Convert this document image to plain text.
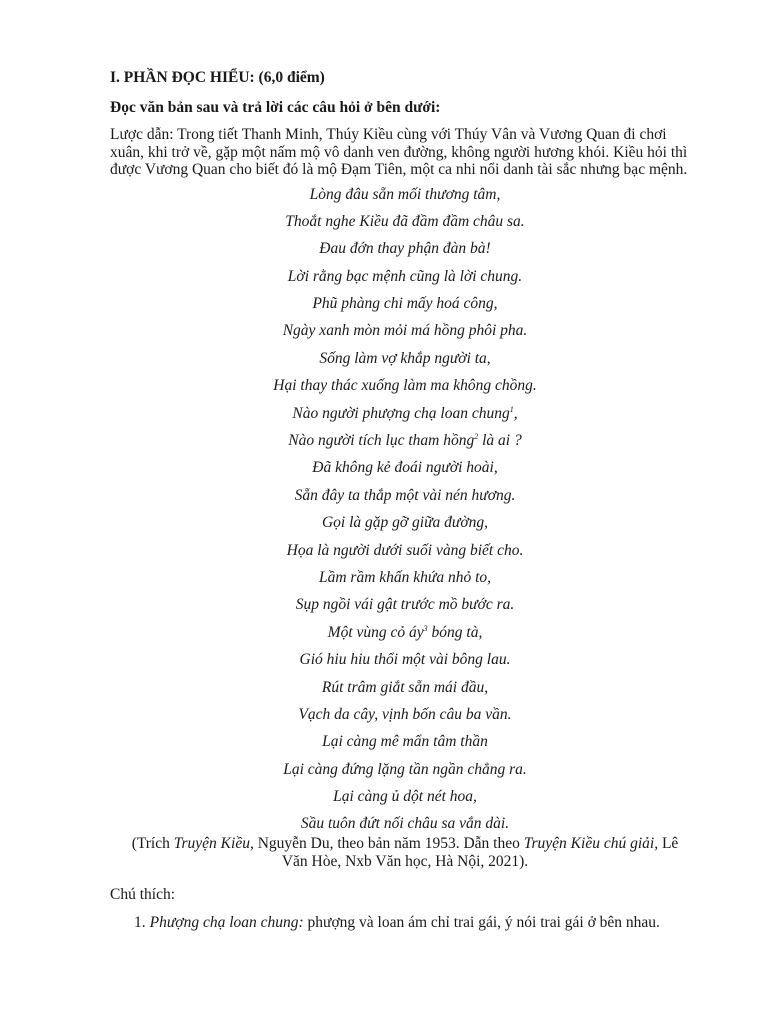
I. PHẦN ĐỌC HIỂU: (6,0 điểm)

Đọc văn bản sau và trả lời các câu hỏi ở bên dưới:

Lược dẫn: Trong tiết Thanh Minh, Thúy Kiều cùng với Thúy Vân và Vương Quan đi chơi xuân, khi trở về, gặp một nấm mộ vô danh ven đường, không người hương khói. Kiều hỏi thì được Vương Quan cho biết đó là mộ Đạm Tiên, một ca nhi nổi danh tài sắc nhưng bạc mệnh.

Lòng đâu sẵn mối thương tâm,
Thoắt nghe Kiều đã đầm đầm châu sa.
Đau đớn thay phận đàn bà!
Lời rằng bạc mệnh cũng là lời chung.
Phũ phàng chi mấy hoá công,
Ngày xanh mòn mỏi má hồng phôi pha.
Sống làm vợ khắp người ta,
Hại thay thác xuống làm ma không chồng.
Nào người phượng chạ loan chung$^1$,
Nào người tích lục tham hồng$^2$ là ai ?
Đã không kẻ đoái người hoài,
Sẵn đây ta thắp một vài nén hương.
Gọi là gặp gỡ giữa đường,
Họa là người dưới suối vàng biết cho.
Lầm rầm khấn khứa nhỏ to,
Sụp ngồi vái gật trước mồ bước ra.
Một vùng cỏ $áy^3$ bóng tà,
Gió hiu hiu thổi một vài bông lau.
Rút trâm giắt sẵn mái đầu,
Vạch da cây, vịnh bốn câu ba vần.
Lại càng mê mẩn tâm thần
Lại càng đứng lặng tần ngần chẳng ra.
Lại càng ủ dột nét hoa,
Sầu tuôn đứt nối châu sa vắn dài.

(Trích Truyện Kiều, Nguyễn Du, theo bản năm 1953. Dẫn theo Truyện Kiều chú giải, Lê Văn Hòe, Nxb Văn học, Hà Nội, 2021).

Chú thích:

1. Phượng chạ loan chung: phượng và loan ám chỉ trai gái, ý nói trai gái ở bên nhau.
